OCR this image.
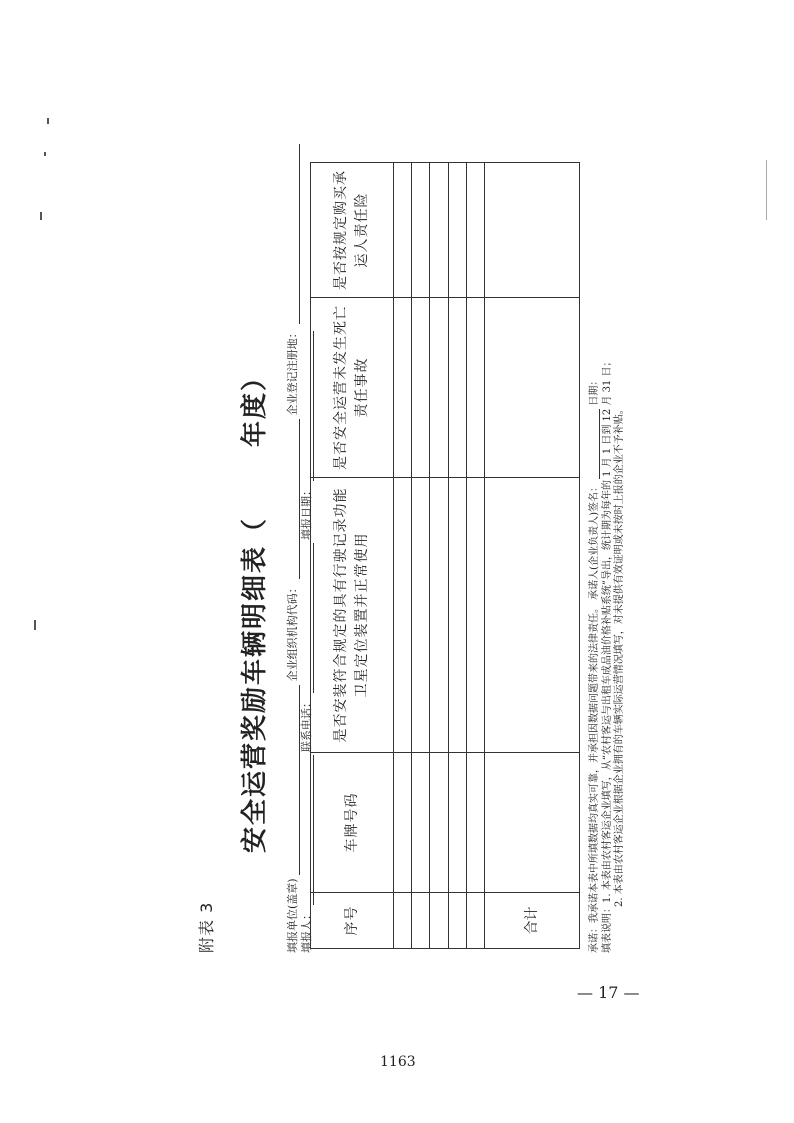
附表 3
安全运营奖励车辆明细表（年度）
填报单位(盖章)  企业组织机构代码：  企业登记注册地：
填报人：  联系电话：  填报日期：
序号	车牌号码	是否安装符合规定的具有行驶记录功能卫星定位装置并正常使用	是否安全运营未发生死亡责任事故	是否按规定购买承运人责任险

合计					承诺：我承诺本表中所填数据均真实可靠，并承担因数据问题带来的法律责任。 承诺人(企业负责人)签名：  日期： 填表说明：1. 本表由农村客运企业填写，从“农村客运与出租车成品油价格补贴系统”导出，统计期为每年的 1 月 1 日到 12 月 31 日； 2. 本表由农村客运企业根据企业拥有的车辆实际运营情况填写，对未提供有效证明或未按时上报的企业不予补贴。
— 17 —
1163
